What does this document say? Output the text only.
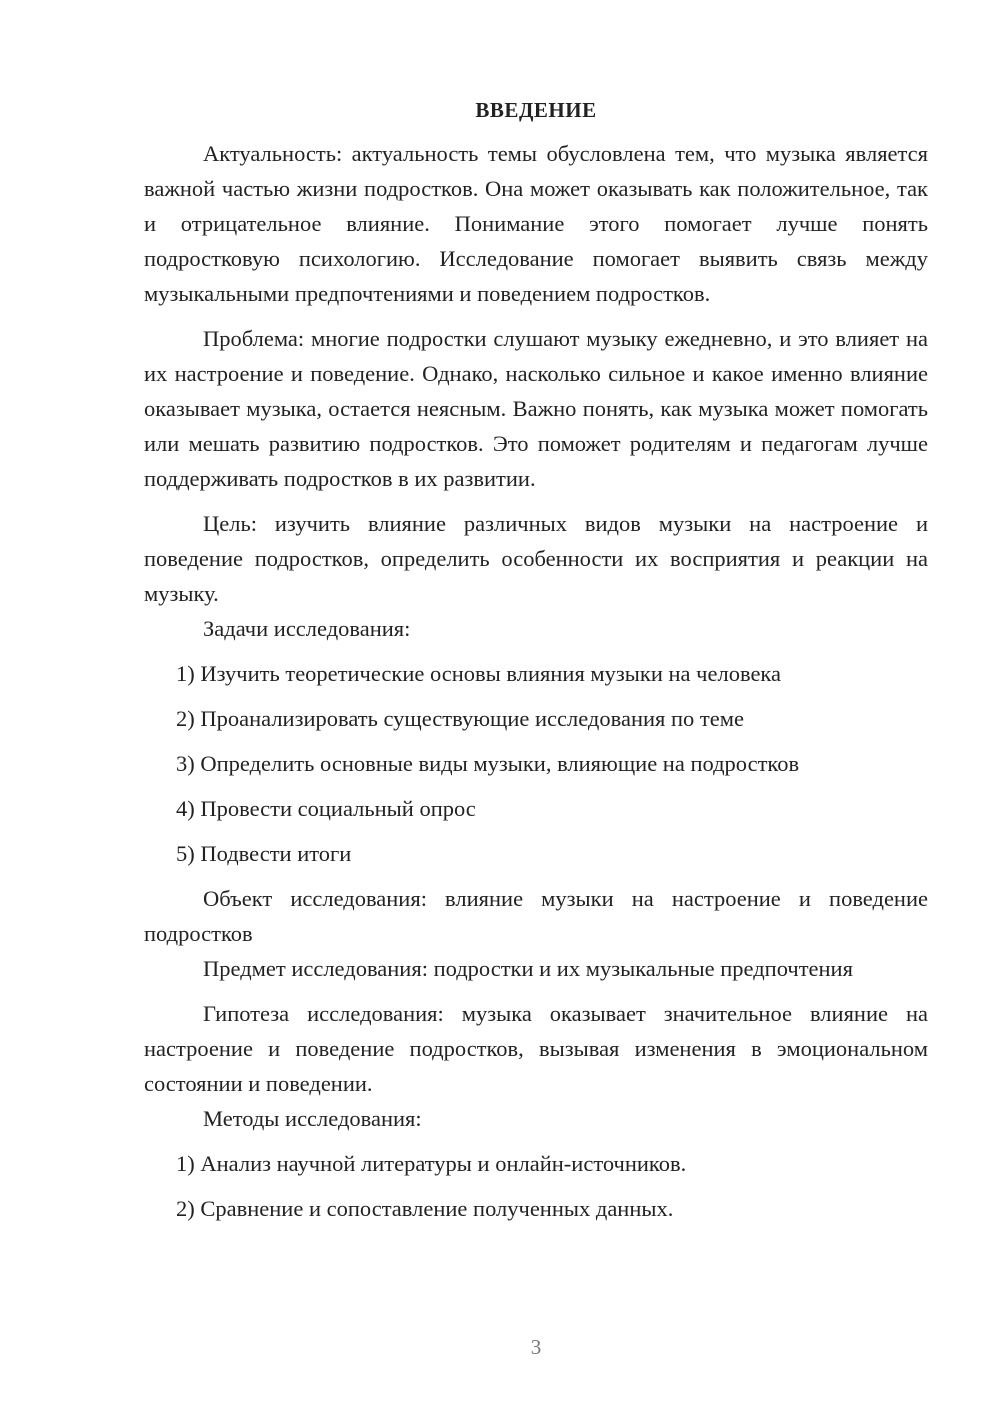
ВВЕДЕНИЕ

Актуальность: актуальность темы обусловлена тем, что музыка является важной частью жизни подростков. Она может оказывать как положительное, так и отрицательное влияние. Понимание этого помогает лучше понять подростковую психологию. Исследование помогает выявить связь между музыкальными предпочтениями и поведением подростков.

Проблема: многие подростки слушают музыку ежедневно, и это влияет на их настроение и поведение. Однако, насколько сильное и какое именно влияние оказывает музыка, остается неясным. Важно понять, как музыка может помогать или мешать развитию подростков. Это поможет родителям и педагогам лучше поддерживать подростков в их развитии.

Цель: изучить влияние различных видов музыки на настроение и поведение подростков, определить особенности их восприятия и реакции на музыку.

Задачи исследования:

1) Изучить теоретические основы влияния музыки на человека

2) Проанализировать существующие исследования по теме

3) Определить основные виды музыки, влияющие на подростков

4) Провести социальный опрос

5) Подвести итоги

Объект исследования: влияние музыки на настроение и поведение подростков

Предмет исследования: подростки и их музыкальные предпочтения

Гипотеза исследования: музыка оказывает значительное влияние на настроение и поведение подростков, вызывая изменения в эмоциональном состоянии и поведении.

Методы исследования:

1) Анализ научной литературы и онлайн-источников.

2) Сравнение и сопоставление полученных данных.

3
